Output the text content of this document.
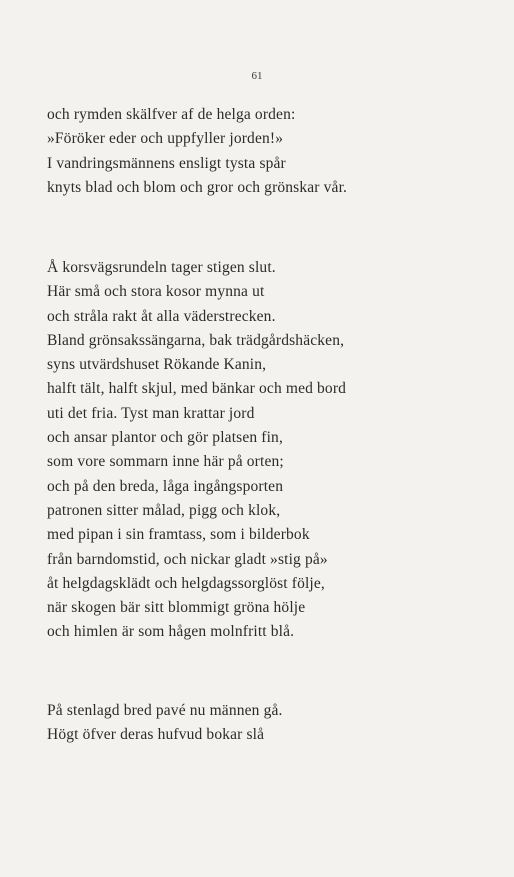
61
och rymden skälfver af de helga orden:
»Föröker eder och uppfyller jorden!»
I vandringsmännens ensligt tysta spår
knyts blad och blom och gror och grönskar vår.
Å korsvägsrundeln tager stigen slut.
Här små och stora kosor mynna ut
och stråla rakt åt alla väderstrecken.
Bland grönsakssängarna, bak trädgårdshäcken,
syns utvärdshuset Rökande Kanin,
halft tält, halft skjul, med bänkar och med bord
uti det fria. Tyst man krattar jord
och ansar plantor och gör platsen fin,
som vore sommarn inne här på orten;
och på den breda, låga ingångsporten
patronen sitter målad, pigg och klok,
med pipan i sin framtass, som i bilderbok
från barndomstid, och nickar gladt »stig på»
åt helgdagsklädt och helgdagssorglöst följe,
när skogen bär sitt blommigt gröna hölje
och himlen är som hågen molnfritt blå.
På stenlagd bred pavé nu männen gå.
Högt öfver deras hufvud bokar slå
